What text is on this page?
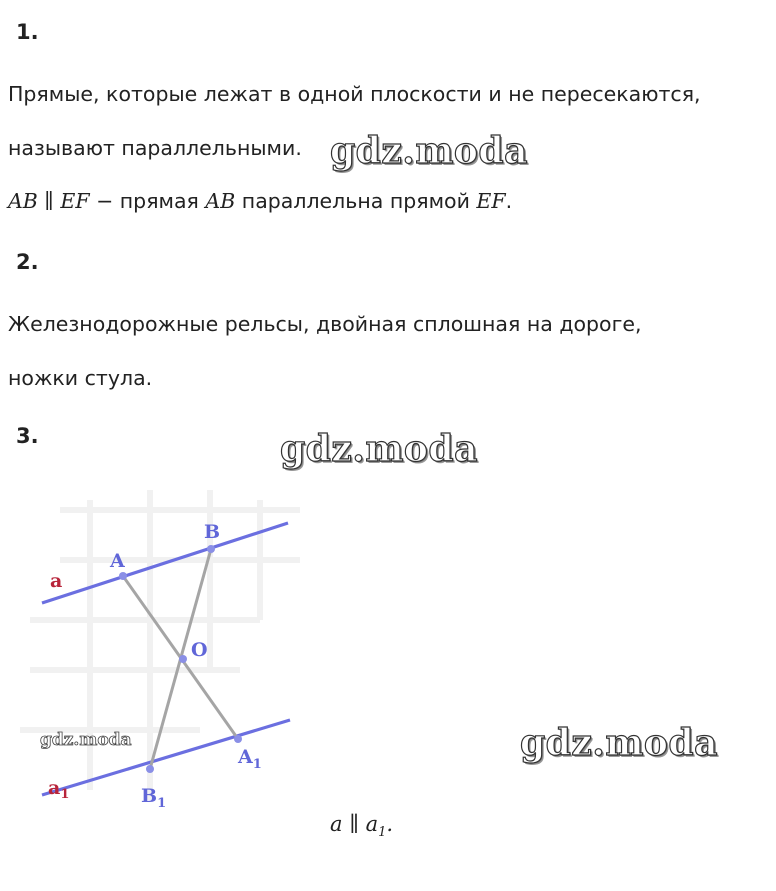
1.

Прямые, которые лежат в одной плоскости и не пересекаются,

называют параллельными.

AB ∥ EF − прямая AB параллельна прямой EF.

2.

Железнодорожные рельсы, двойная сплошная на дороге,

ножки стула.

3.

gdz.moda
gdz.moda
gdz.moda
a
$a_1$
A
B
O
$A_1$
$B_1$
gdz.moda
a ∥ $a_1$.
